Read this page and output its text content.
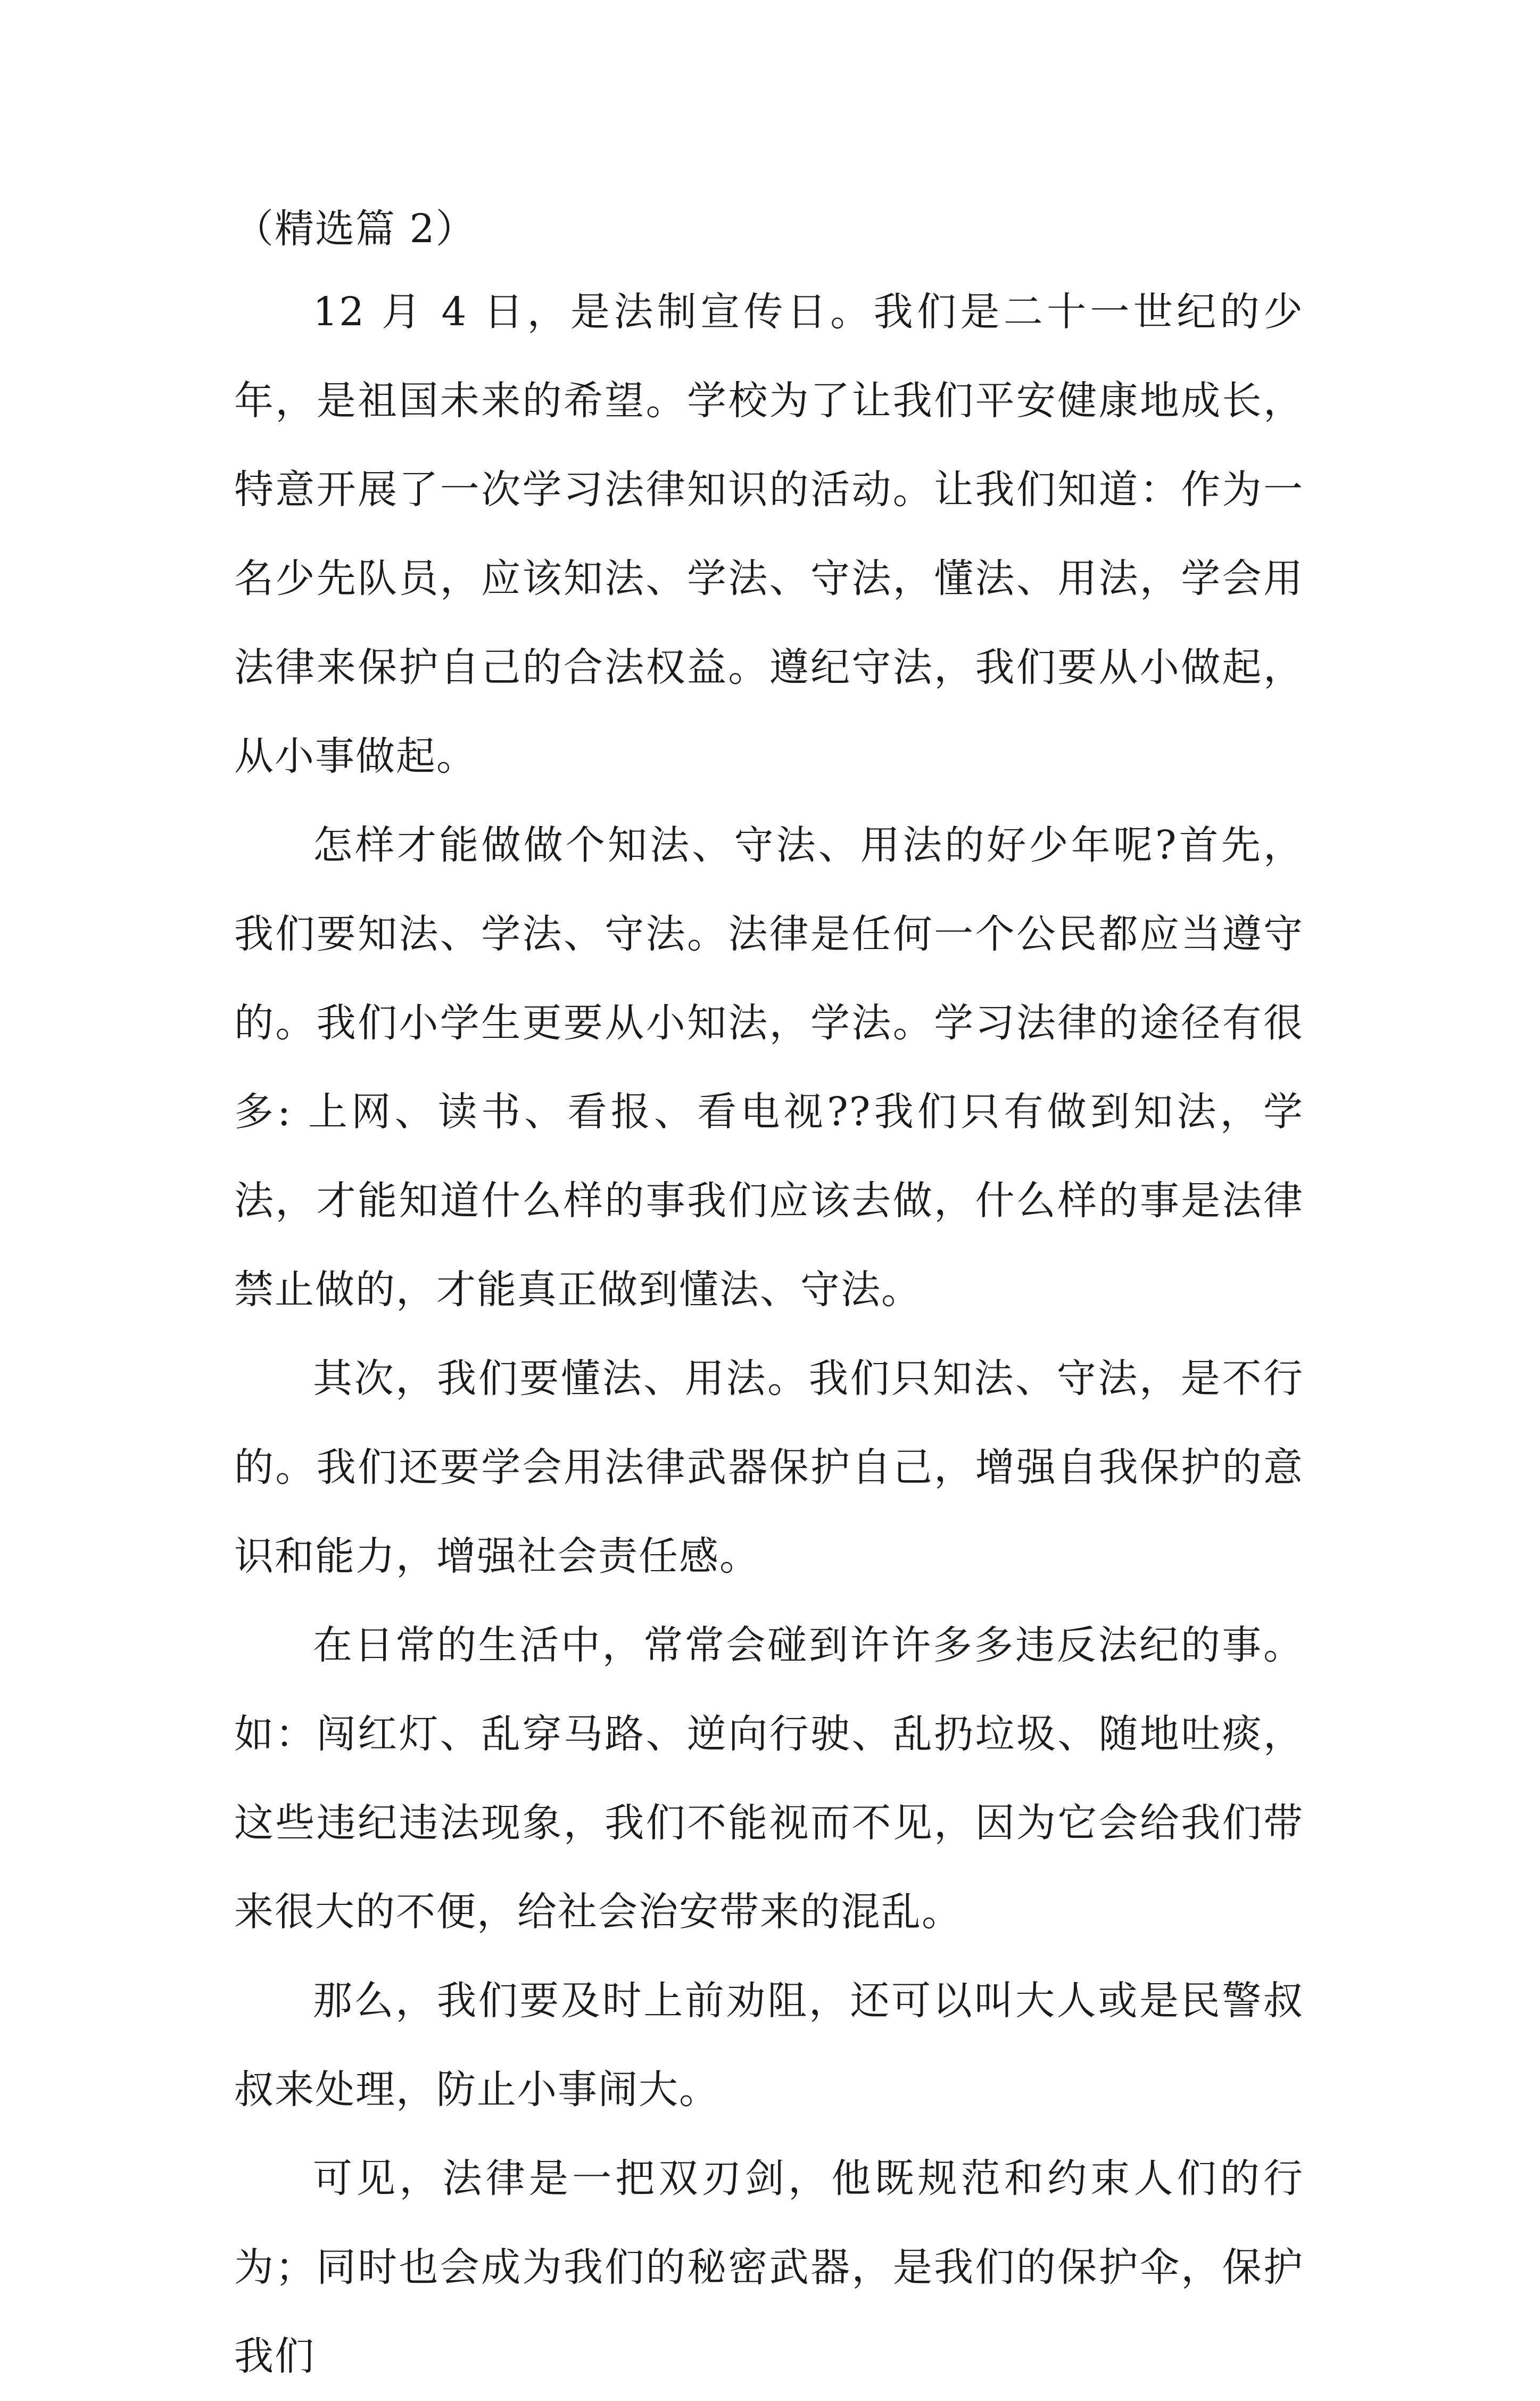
（精选篇 2）

12 月 4 日，是法制宣传日。我们是二十一世纪的少年，是祖国未来的希望。学校为了让我们平安健康地成长，特意开展了一次学习法律知识的活动。让我们知道：作为一名少先队员，应该知法、学法、守法，懂法、用法，学会用法律来保护自己的合法权益。遵纪守法，我们要从小做起，从小事做起。

怎样才能做做个知法、守法、用法的好少年呢?首先，我们要知法、学法、守法。法律是任何一个公民都应当遵守的。我们小学生更要从小知法，学法。学习法律的途径有很多: 上网、读书、看报、看电视??我们只有做到知法，学法，才能知道什么样的事我们应该去做，什么样的事是法律禁止做的，才能真正做到懂法、守法。

其次，我们要懂法、用法。我们只知法、守法，是不行的。我们还要学会用法律武器保护自己，增强自我保护的意识和能力，增强社会责任感。

在日常的生活中，常常会碰到许许多多违反法纪的事。如：闯红灯、乱穿马路、逆向行驶、乱扔垃圾、随地吐痰，这些违纪违法现象，我们不能视而不见，因为它会给我们带来很大的不便，给社会治安带来的混乱。

那么，我们要及时上前劝阻，还可以叫大人或是民警叔叔来处理，防止小事闹大。

可见，法律是一把双刃剑，他既规范和约束人们的行为；同时也会成为我们的秘密武器，是我们的保护伞，保护我们
